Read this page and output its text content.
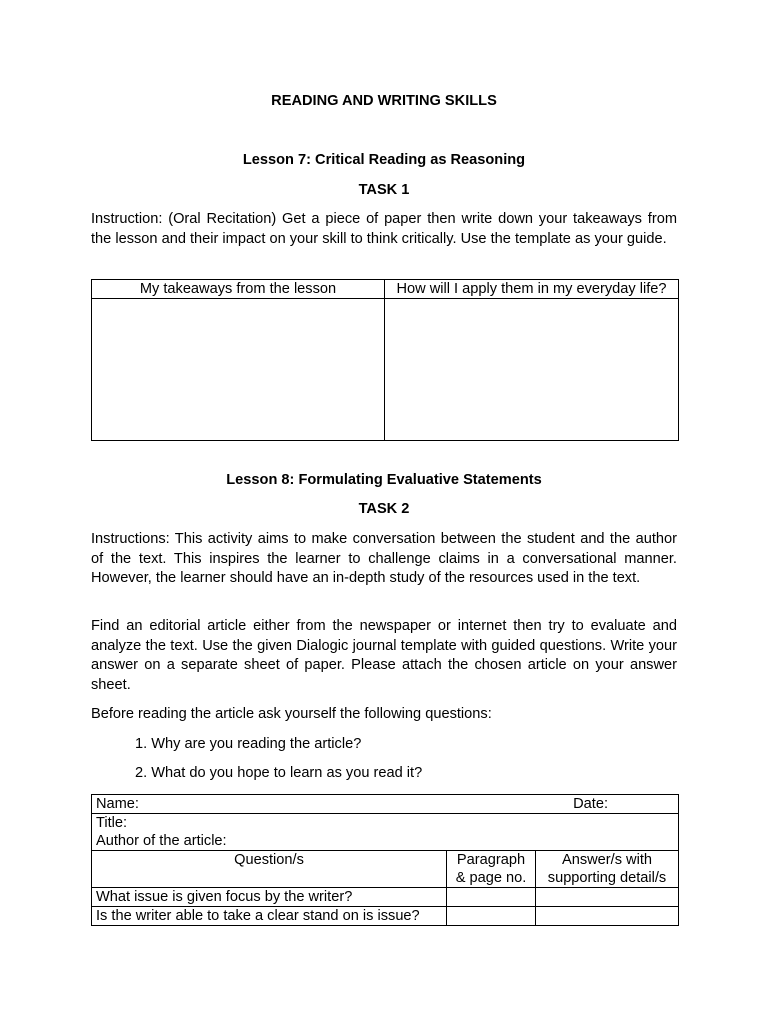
READING AND WRITING SKILLS
Lesson 7: Critical Reading as Reasoning
TASK 1

Instruction: (Oral Recitation) Get a piece of paper then write down your takeaways from the lesson and their impact on your skill to think critically. Use the template as your guide.

My takeaways from the lesson	How will I apply them in my everyday life?

Lesson 8: Formulating Evaluative Statements
TASK 2

Instructions: This activity aims to make conversation between the student and the author of the text. This inspires the learner to challenge claims in a conversational manner. However, the learner should have an in-depth study of the resources used in the text.

Find an editorial article either from the newspaper or internet then try to evaluate and analyze the text. Use the given Dialogic journal template with guided questions. Write your answer on a separate sheet of paper. Please attach the chosen article on your answer sheet.

Before reading the article ask yourself the following questions:
1. Why are you reading the article?
2. What do you hope to learn as you read it?
Name: Date:		

Title:
Author of the article:		

Question/s	Paragraph & page no.	Answer/s with supporting detail/s
What issue is given focus by the writer?		
Is the writer able to take a clear stand on is issue?		
